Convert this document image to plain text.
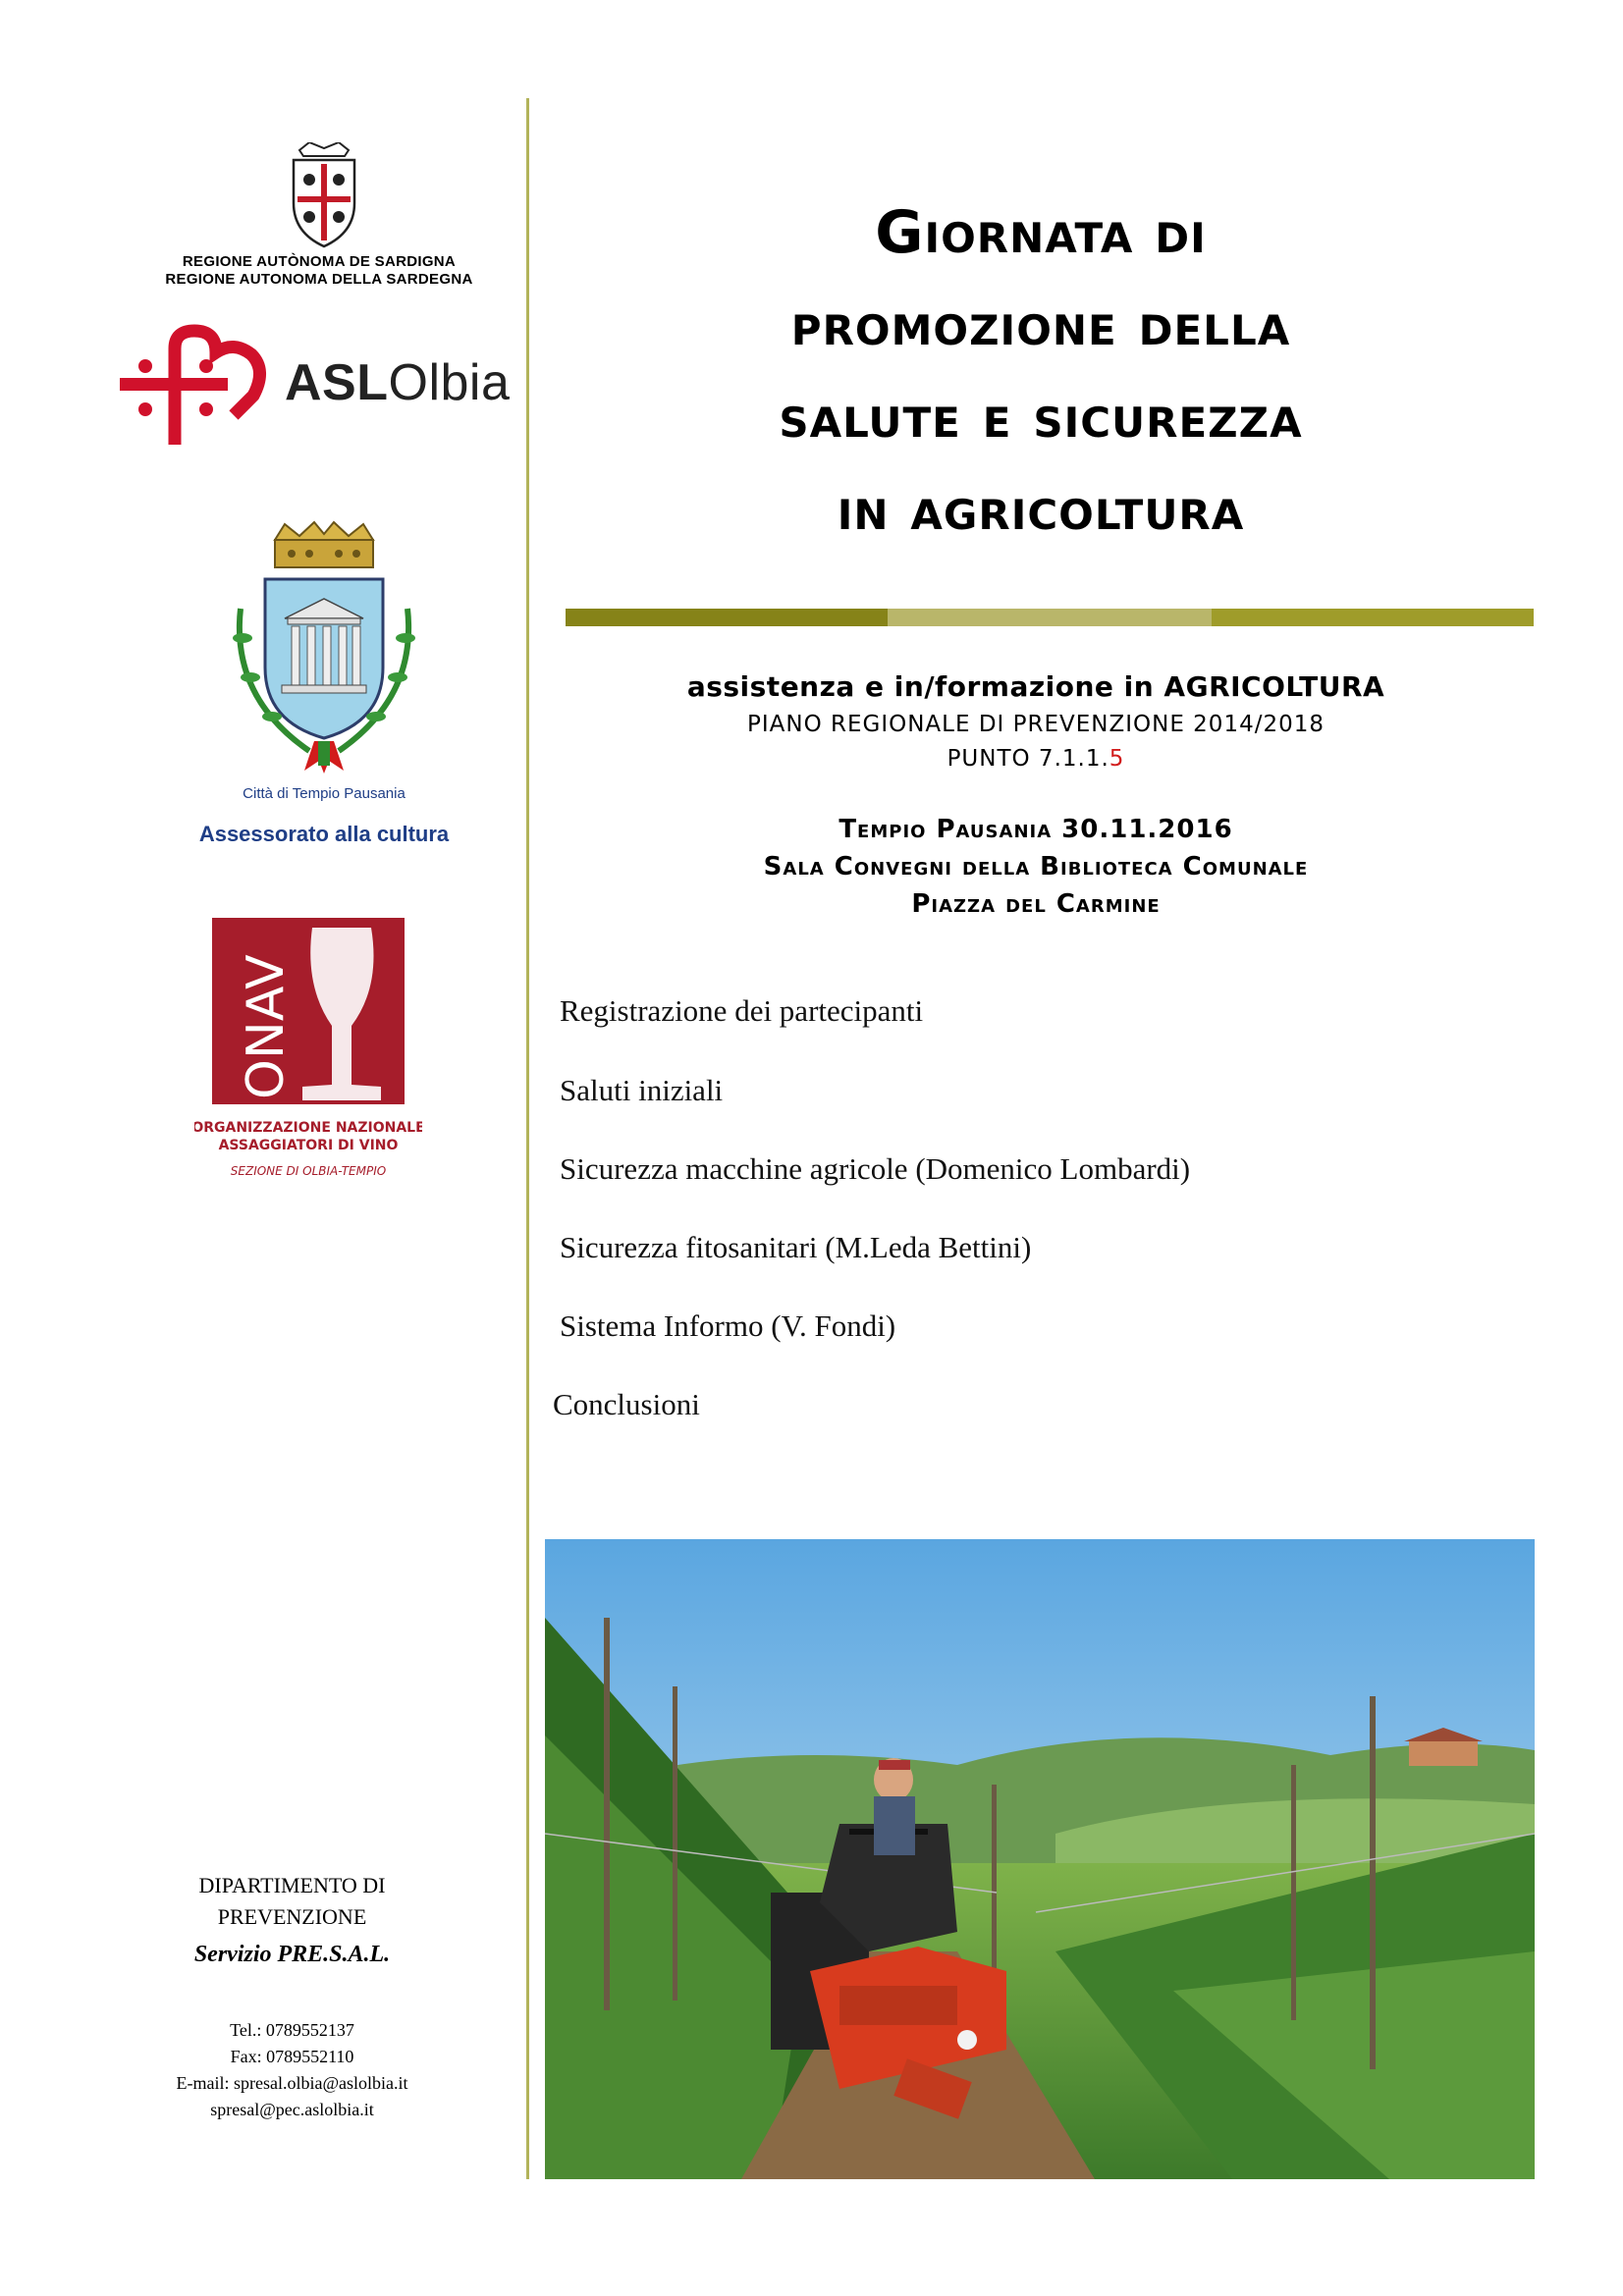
REGIONE AUTÒNOMA DE SARDIGNA
REGIONE AUTONOMA DELLA SARDEGNA
ASLOlbia
Città di Tempio Pausania
Assessorato alla cultura
ONAV
ORGANIZZAZIONE NAZIONALE
ASSAGGIATORI DI VINO
SEZIONE DI OLBIA-TEMPIO
DIPARTIMENTO DI
PREVENZIONE
Servizio PRE.S.A.L.
Tel.: 0789552137
Fax: 0789552110
E-mail: spresal.olbia@aslolbia.it
spresal@pec.aslolbia.it
Giornata di
promozione della
salute e sicurezza
in agricoltura
assistenza e in/formazione in AGRICOLTURA
PIANO REGIONALE DI PREVENZIONE 2014/2018
PUNTO 7.1.1.5
Tempio Pausania 30.11.2016
Sala Convegni della Biblioteca Comunale
Piazza del Carmine
Registrazione dei partecipanti
Saluti iniziali
Sicurezza macchine agricole (Domenico Lombardi)
Sicurezza fitosanitari (M.Leda Bettini)
Sistema Informo (V. Fondi)
Conclusioni
